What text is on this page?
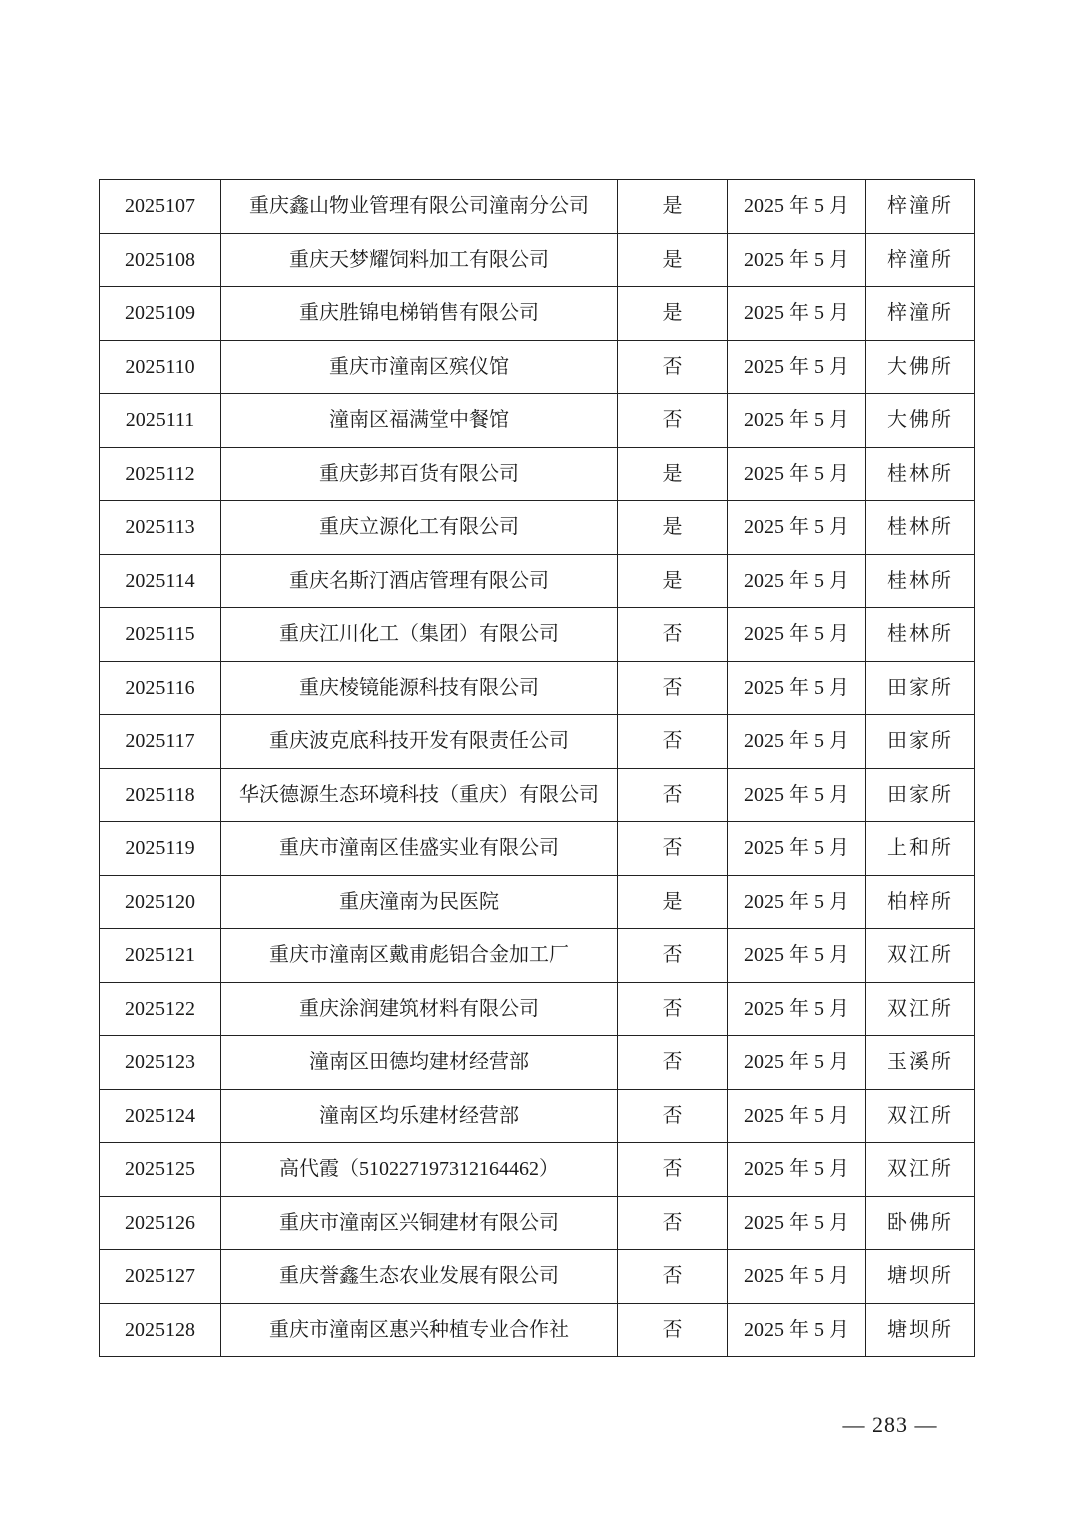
2025107	重庆鑫山物业管理有限公司潼南分公司	是	2025 年 5 月	梓潼所
2025108	重庆天梦耀饲料加工有限公司	是	2025 年 5 月	梓潼所
2025109	重庆胜锦电梯销售有限公司	是	2025 年 5 月	梓潼所
2025110	重庆市潼南区殡仪馆	否	2025 年 5 月	大佛所
2025111	潼南区福满堂中餐馆	否	2025 年 5 月	大佛所
2025112	重庆彭邦百货有限公司	是	2025 年 5 月	桂林所
2025113	重庆立源化工有限公司	是	2025 年 5 月	桂林所
2025114	重庆名斯汀酒店管理有限公司	是	2025 年 5 月	桂林所
2025115	重庆江川化工（集团）有限公司	否	2025 年 5 月	桂林所
2025116	重庆棱镜能源科技有限公司	否	2025 年 5 月	田家所
2025117	重庆波克底科技开发有限责任公司	否	2025 年 5 月	田家所
2025118	华沃德源生态环境科技（重庆）有限公司	否	2025 年 5 月	田家所
2025119	重庆市潼南区佳盛实业有限公司	否	2025 年 5 月	上和所
2025120	重庆潼南为民医院	是	2025 年 5 月	柏梓所
2025121	重庆市潼南区戴甫彪铝合金加工厂	否	2025 年 5 月	双江所
2025122	重庆涂润建筑材料有限公司	否	2025 年 5 月	双江所
2025123	潼南区田德均建材经营部	否	2025 年 5 月	玉溪所
2025124	潼南区均乐建材经营部	否	2025 年 5 月	双江所
2025125	高代霞（510227197312164462）	否	2025 年 5 月	双江所
2025126	重庆市潼南区兴铜建材有限公司	否	2025 年 5 月	卧佛所
2025127	重庆誉鑫生态农业发展有限公司	否	2025 年 5 月	塘坝所
2025128	重庆市潼南区惠兴种植专业合作社	否	2025 年 5 月	塘坝所
— 283 —
